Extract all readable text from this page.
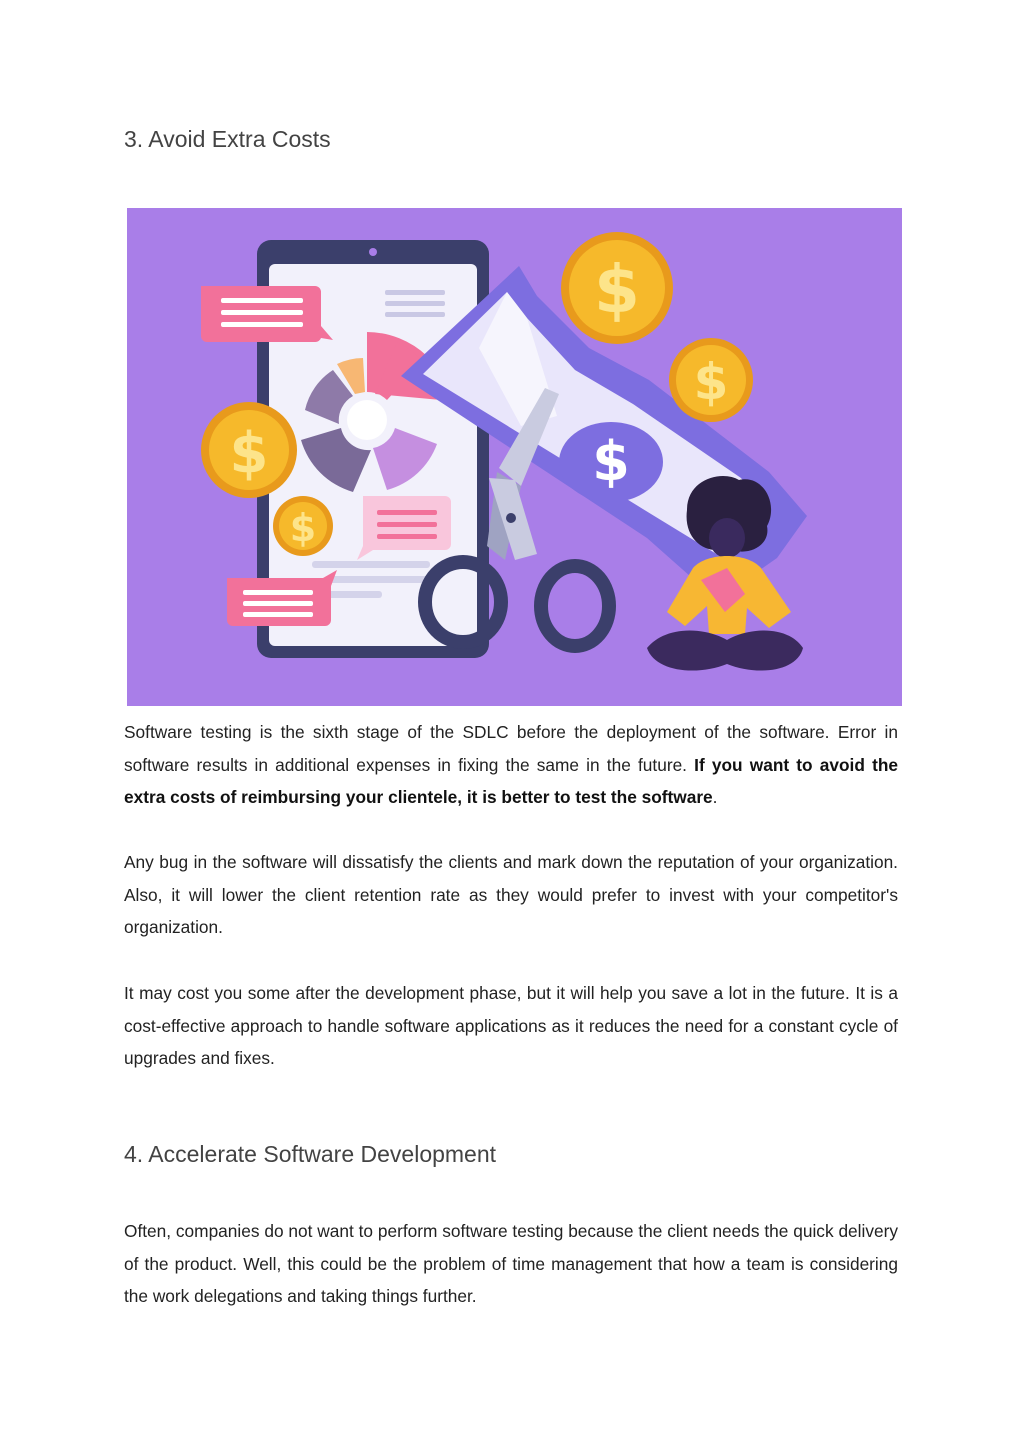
3. Avoid Extra Costs
$
$
$
$
$

Software testing is the sixth stage of the SDLC before the deployment of the software. Error in software results in additional expenses in fixing the same in the future. If you want to avoid the extra costs of reimbursing your clientele, it is better to test the software.

Any bug in the software will dissatisfy the clients and mark down the reputation of your organization. Also, it will lower the client retention rate as they would prefer to invest with your competitor's organization.

It may cost you some after the development phase, but it will help you save a lot in the future. It is a cost-effective approach to handle software applications as it reduces the need for a constant cycle of upgrades and fixes.

4. Accelerate Software Development

Often, companies do not want to perform software testing because the client needs the quick delivery of the product. Well, this could be the problem of time management that how a team is considering the work delegations and taking things further.
